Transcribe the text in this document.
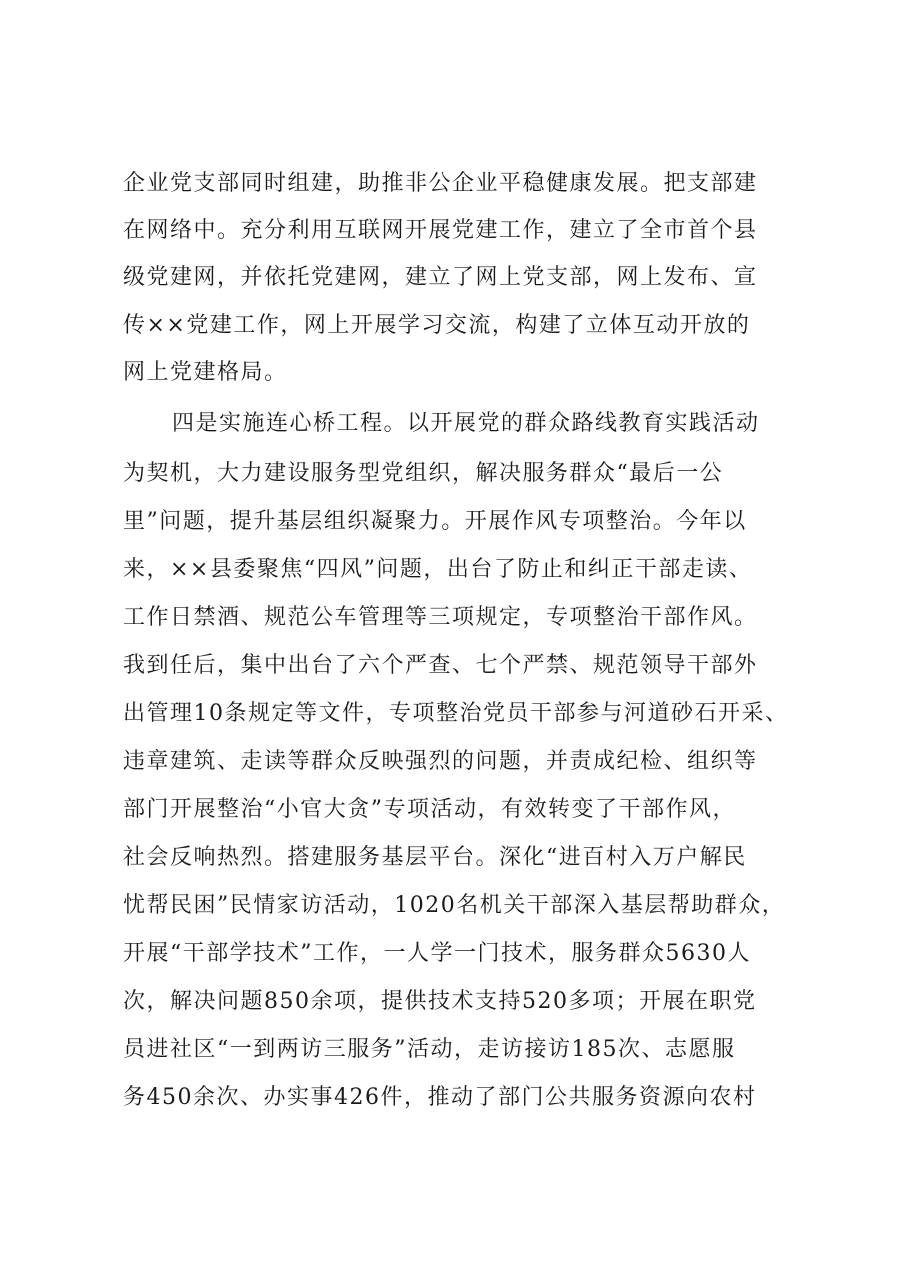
企业党支部同时组建，助推非公企业平稳健康发展。把支部建
在网络中。充分利用互联网开展党建工作，建立了全市首个县
级党建网，并依托党建网，建立了网上党支部，网上发布、宣
传××党建工作，网上开展学习交流，构建了立体互动开放的
网上党建格局。
四是实施连心桥工程。以开展党的群众路线教育实践活动
为契机，大力建设服务型党组织，解决服务群众“最后一公
里”问题，提升基层组织凝聚力。开展作风专项整治。今年以
来，××县委聚焦“四风”问题，出台了防止和纠正干部走读、
工作日禁酒、规范公车管理等三项规定，专项整治干部作风。
我到任后，集中出台了六个严查、七个严禁、规范领导干部外
出管理10条规定等文件，专项整治党员干部参与河道砂石开采、
违章建筑、走读等群众反映强烈的问题，并责成纪检、组织等
部门开展整治“小官大贪”专项活动，有效转变了干部作风，
社会反响热烈。搭建服务基层平台。深化“进百村入万户解民
忧帮民困”民情家访活动，1020名机关干部深入基层帮助群众，
开展“干部学技术”工作，一人学一门技术，服务群众5630人
次，解决问题850余项，提供技术支持520多项；开展在职党
员进社区“一到两访三服务”活动，走访接访185次、志愿服
务450余次、办实事426件，推动了部门公共服务资源向农村
